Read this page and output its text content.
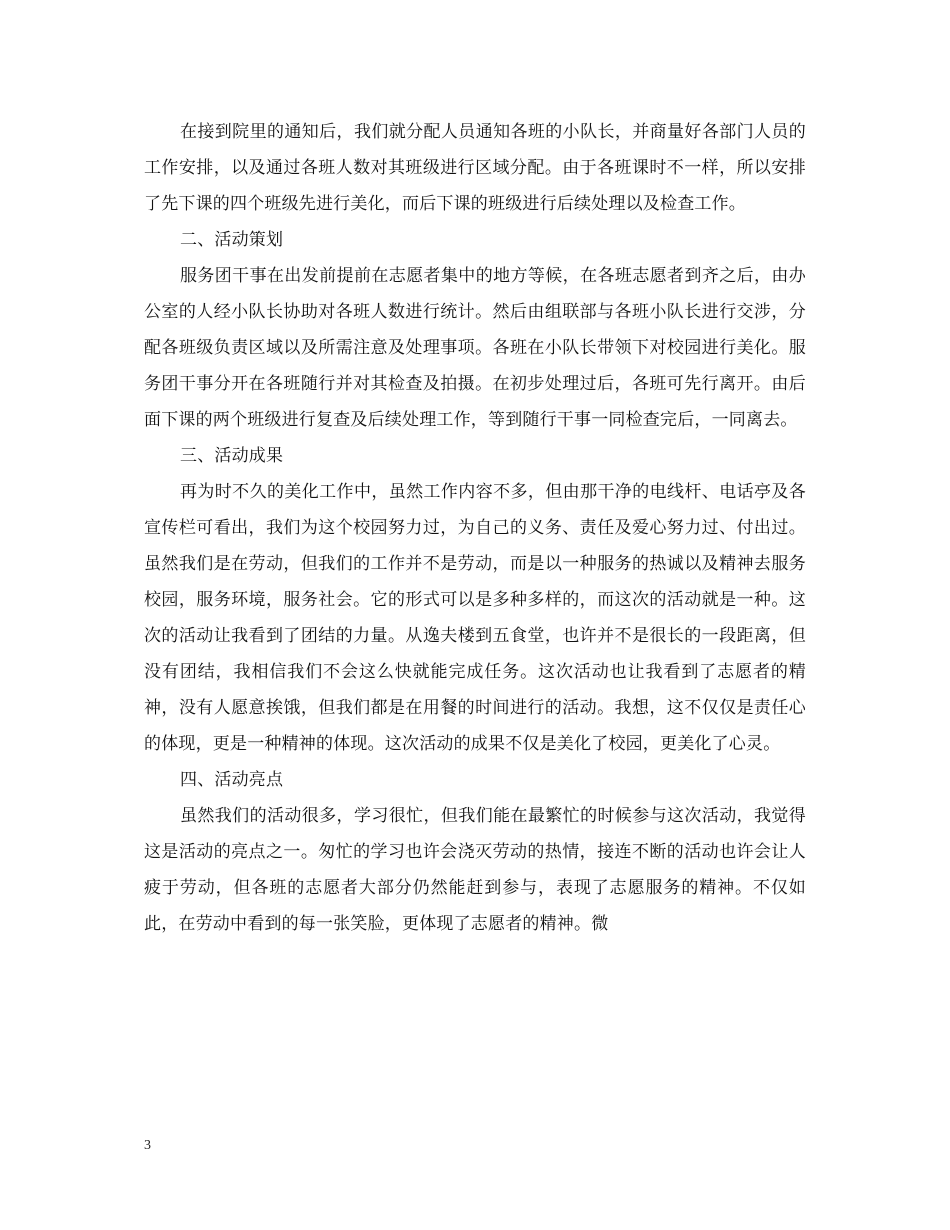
在接到院里的通知后，我们就分配人员通知各班的小队长，并商量好各部门人员的工作安排，以及通过各班人数对其班级进行区域分配。由于各班课时不一样，所以安排了先下课的四个班级先进行美化，而后下课的班级进行后续处理以及检查工作。

二、活动策划

服务团干事在出发前提前在志愿者集中的地方等候，在各班志愿者到齐之后，由办公室的人经小队长协助对各班人数进行统计。然后由组联部与各班小队长进行交涉，分配各班级负责区域以及所需注意及处理事项。各班在小队长带领下对校园进行美化。服务团干事分开在各班随行并对其检查及拍摄。在初步处理过后，各班可先行离开。由后面下课的两个班级进行复查及后续处理工作，等到随行干事一同检查完后，一同离去。

三、活动成果

再为时不久的美化工作中，虽然工作内容不多，但由那干净的电线杆、电话亭及各宣传栏可看出，我们为这个校园努力过，为自己的义务、责任及爱心努力过、付出过。虽然我们是在劳动，但我们的工作并不是劳动，而是以一种服务的热诚以及精神去服务校园，服务环境，服务社会。它的形式可以是多种多样的，而这次的活动就是一种。这次的活动让我看到了团结的力量。从逸夫楼到五食堂，也许并不是很长的一段距离，但没有团结，我相信我们不会这么快就能完成任务。这次活动也让我看到了志愿者的精神，没有人愿意挨饿，但我们都是在用餐的时间进行的活动。我想，这不仅仅是责任心的体现，更是一种精神的体现。这次活动的成果不仅是美化了校园，更美化了心灵。

四、活动亮点

虽然我们的活动很多，学习很忙，但我们能在最繁忙的时候参与这次活动，我觉得这是活动的亮点之一。匆忙的学习也许会浇灭劳动的热情，接连不断的活动也许会让人疲于劳动，但各班的志愿者大部分仍然能赶到参与，表现了志愿服务的精神。不仅如此，在劳动中看到的每一张笑脸，更体现了志愿者的精神。微

3
